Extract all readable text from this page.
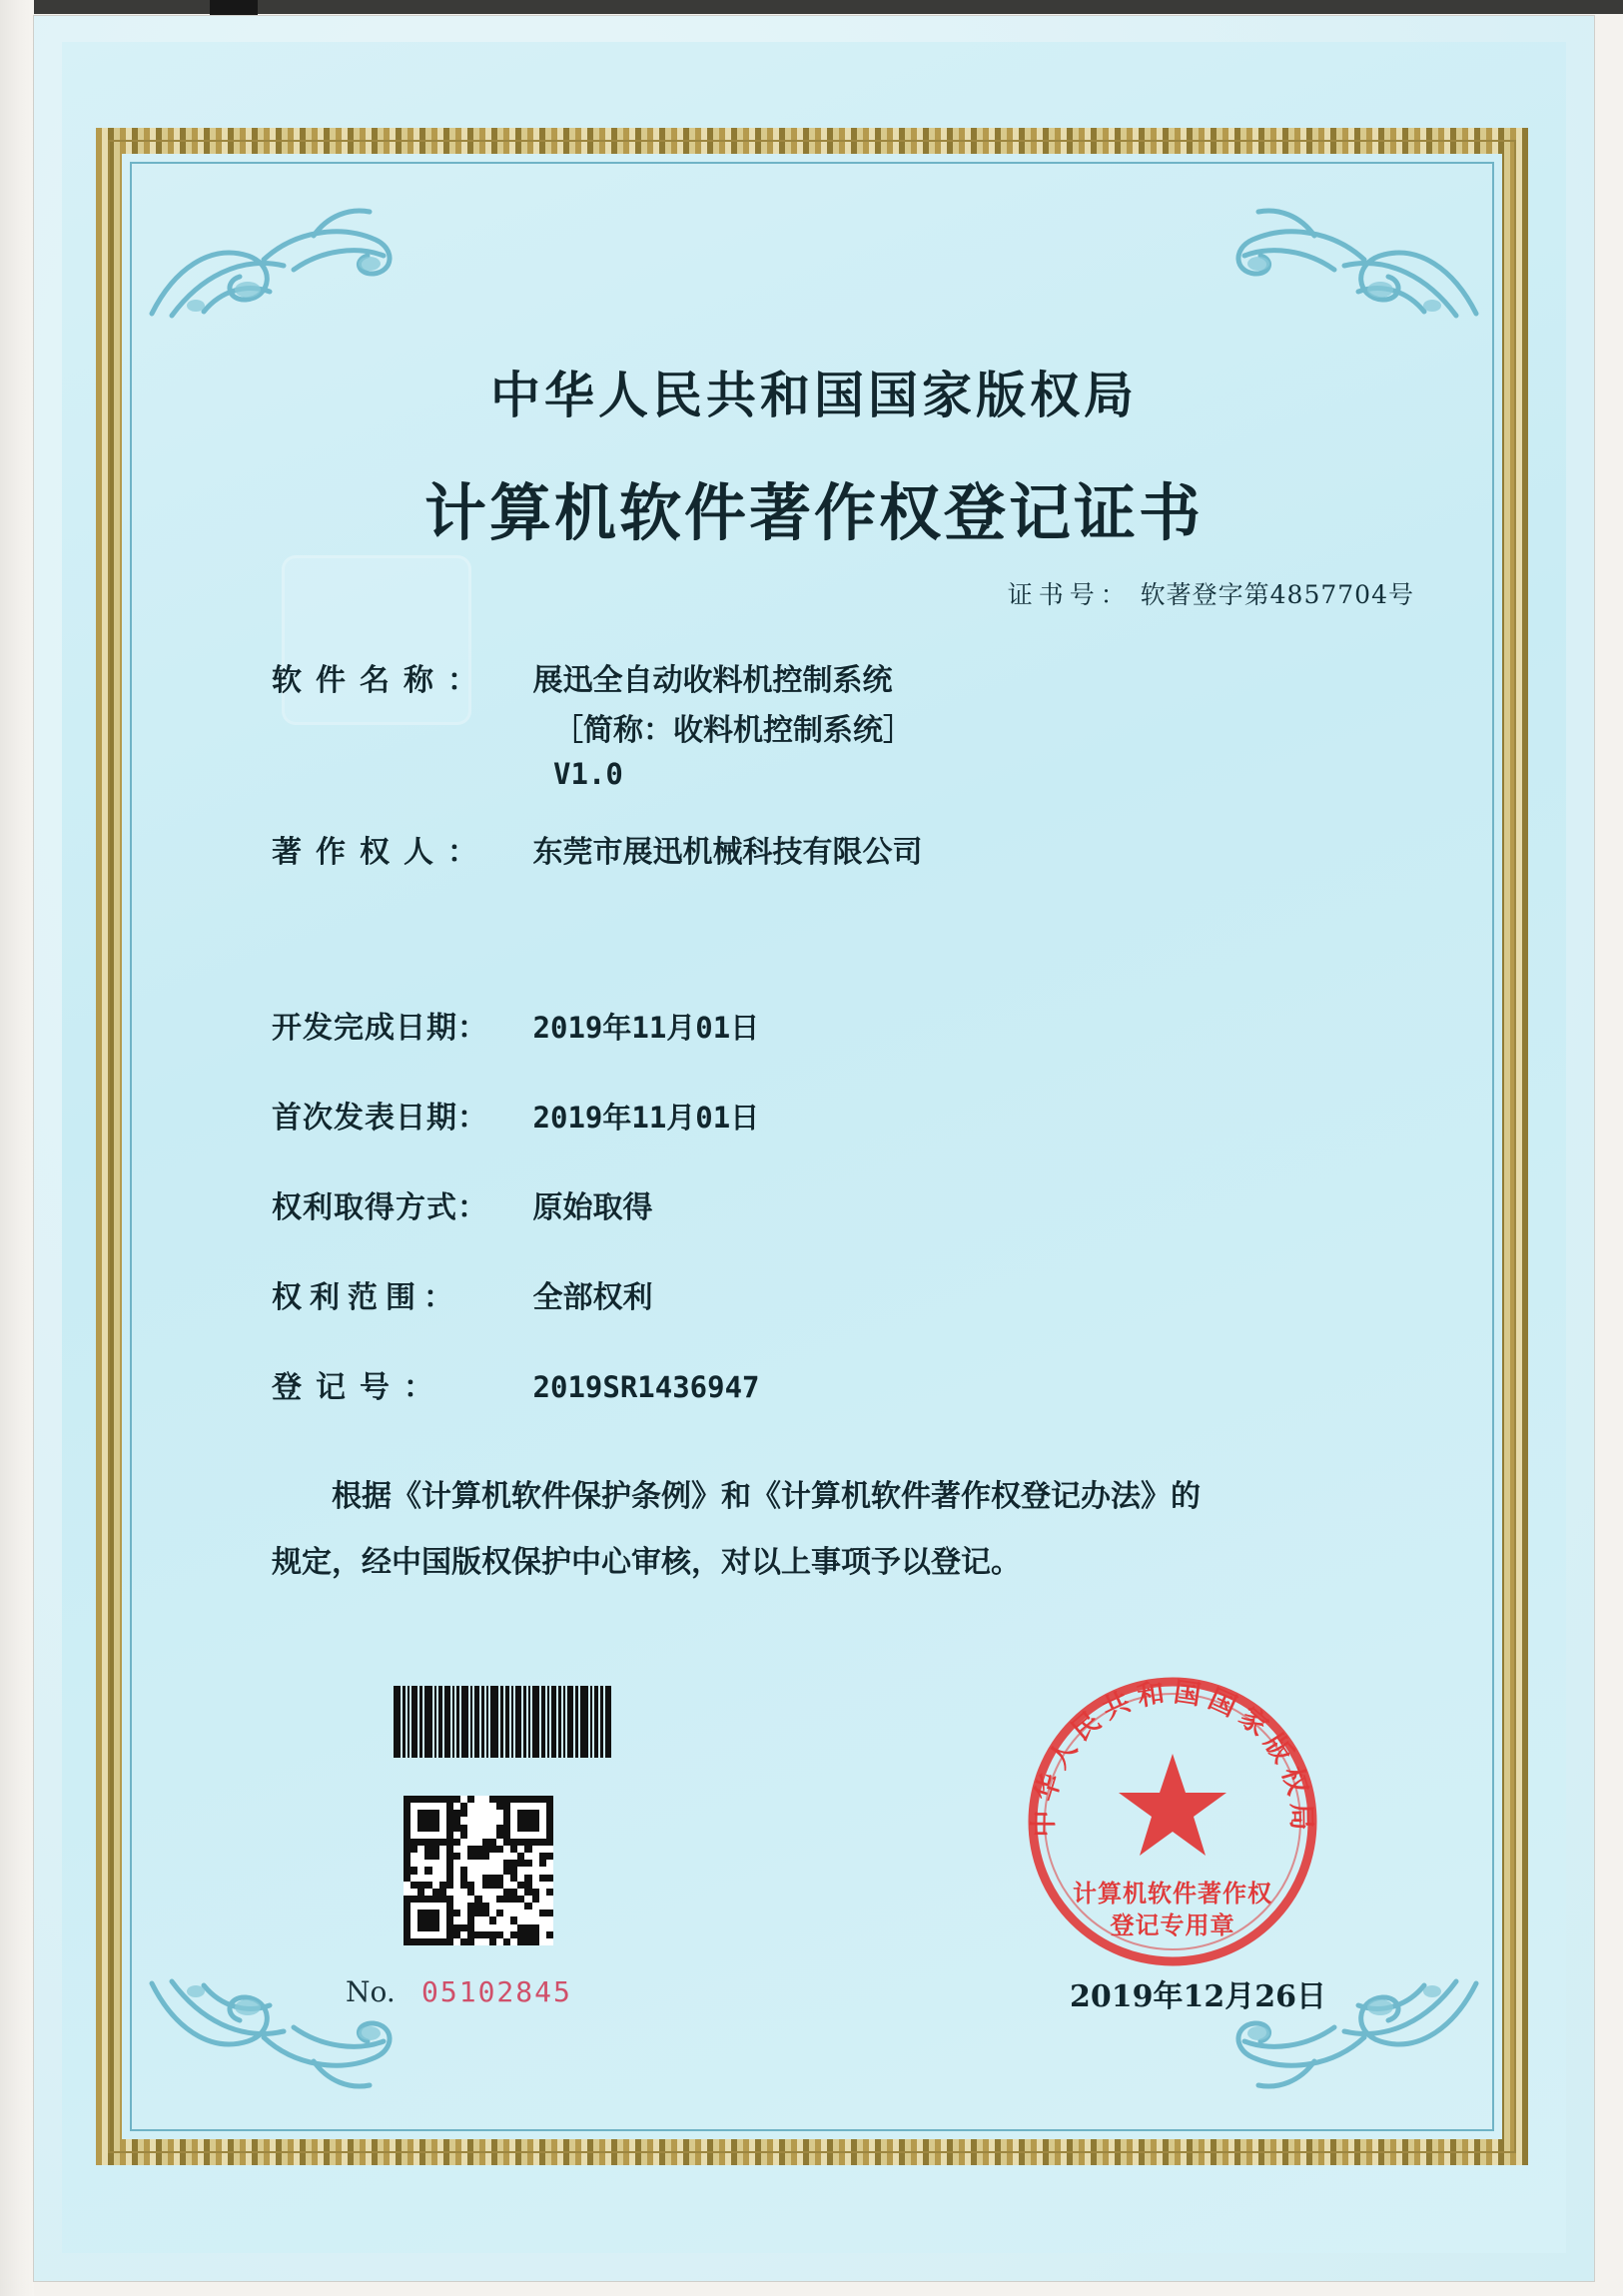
中华人民共和国国家版权局
计算机软件著作权登记证书
证书号： 软著登字第4857704号
软件名称： 展迅全自动收料机控制系统
［简称：收料机控制系统］
V1.0
著作权人： 东莞市展迅机械科技有限公司
开发完成日期： 2019年11月01日
首次发表日期： 2019年11月01日
权利取得方式： 原始取得
权利范围： 全部权利
登记号：	2019SR1436947
根据《计算机软件保护条例》和《计算机软件著作权登记办法》的
规定，经中国版权保护中心审核，对以上事项予以登记。
中华人民共和国国家版权局
计算机软件著作权
登记专用章
No. 05102845	2019年12月26日
